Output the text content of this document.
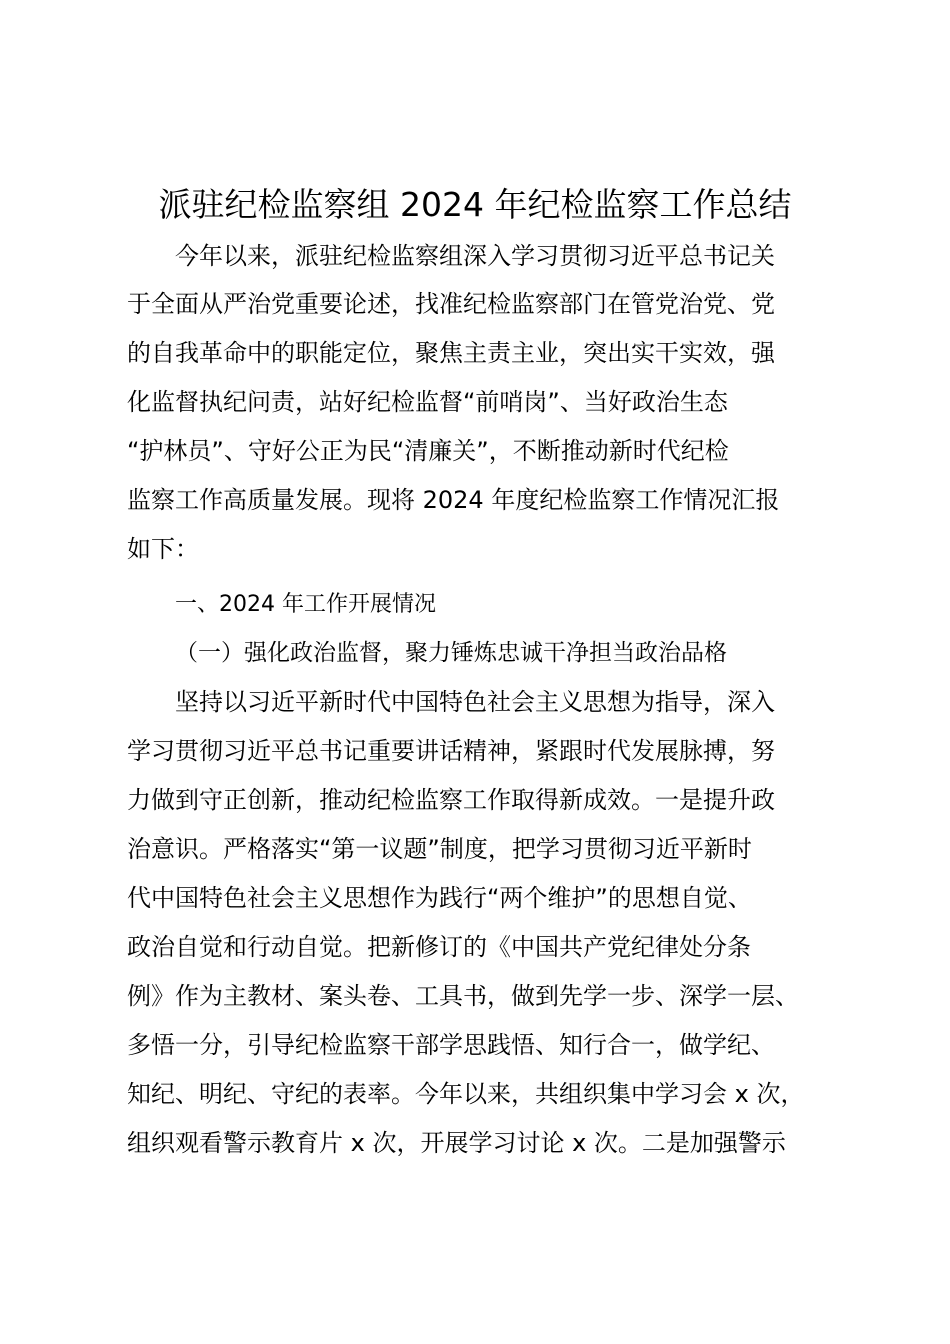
派驻纪检监察组 2024 年纪检监察工作总结
今年以来，派驻纪检监察组深入学习贯彻习近平总书记关
于全面从严治党重要论述，找准纪检监察部门在管党治党、党
的自我革命中的职能定位，聚焦主责主业，突出实干实效，强
化监督执纪问责，站好纪检监督“前哨岗”、当好政治生态
“护林员”、守好公正为民“清廉关”，不断推动新时代纪检
监察工作高质量发展。现将 2024 年度纪检监察工作情况汇报
如下：
一、2024 年工作开展情况
（一）强化政治监督，聚力锤炼忠诚干净担当政治品格
坚持以习近平新时代中国特色社会主义思想为指导，深入
学习贯彻习近平总书记重要讲话精神，紧跟时代发展脉搏，努
力做到守正创新，推动纪检监察工作取得新成效。一是提升政
治意识。严格落实“第一议题”制度，把学习贯彻习近平新时
代中国特色社会主义思想作为践行“两个维护”的思想自觉、
政治自觉和行动自觉。把新修订的《中国共产党纪律处分条
例》作为主教材、案头卷、工具书，做到先学一步、深学一层、
多悟一分，引导纪检监察干部学思践悟、知行合一，做学纪、
知纪、明纪、守纪的表率。今年以来，共组织集中学习会 x 次，
组织观看警示教育片 x 次，开展学习讨论 x 次。二是加强警示
